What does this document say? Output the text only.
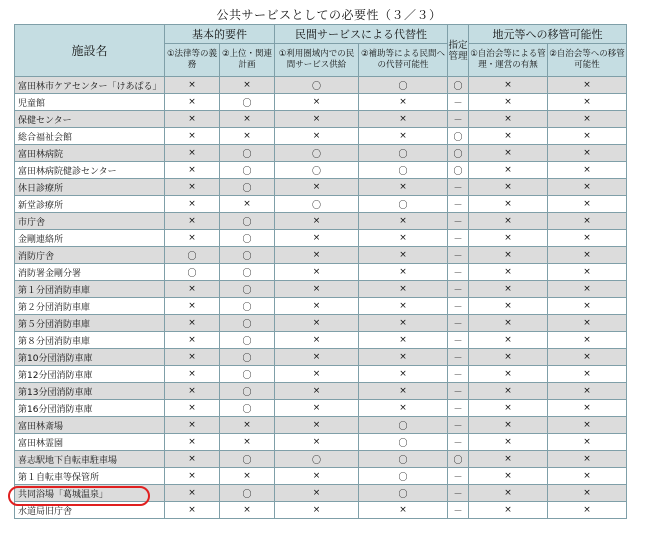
公共サービスとしての必要性（３／３）
施設名	基本的要件		民間サービスによる代替性		指定管理	地元等への移管可能性	
	①法律等の義務	②上位・関連計画	①利用圏域内での民間サービス供給	②補助等による民間への代替可能性		①自治会等による管理・運営の有無	②自治会等への移管可能性
富田林市ケアセンター「けあぱる」	×	×	〇	〇	〇	×	×
児童館	×	〇	×	×	－	×	×
保健センター	×	×	×	×	－	×	×
総合福祉会館	×	×	×	×	〇	×	×
富田林病院	×	〇	〇	〇	〇	×	×
富田林病院健診センター	×	〇	〇	〇	〇	×	×
休日診療所	×	〇	×	×	－	×	×
新堂診療所	×	×	〇	〇	－	×	×
市庁舎	×	〇	×	×	－	×	×
金剛連絡所	×	〇	×	×	－	×	×
消防庁舎	〇	〇	×	×	－	×	×
消防署金剛分署	〇	〇	×	×	－	×	×
第１分団消防車庫	×	〇	×	×	－	×	×
第２分団消防車庫	×	〇	×	×	－	×	×
第５分団消防車庫	×	〇	×	×	－	×	×
第８分団消防車庫	×	〇	×	×	－	×	×
第10分団消防車庫	×	〇	×	×	－	×	×
第12分団消防車庫	×	〇	×	×	－	×	×
第13分団消防車庫	×	〇	×	×	－	×	×
第16分団消防車庫	×	〇	×	×	－	×	×
富田林斎場	×	×	×	〇	－	×	×
富田林霊園	×	×	×	〇	－	×	×
喜志駅地下自転車駐車場	×	〇	〇	〇	〇	×	×
第１自転車等保管所	×	×	×	〇	－	×	×
共同浴場「葛城温泉」	×	〇	×	〇	－	×	×
水道局旧庁舎	×	×	×	×	－	×	×
